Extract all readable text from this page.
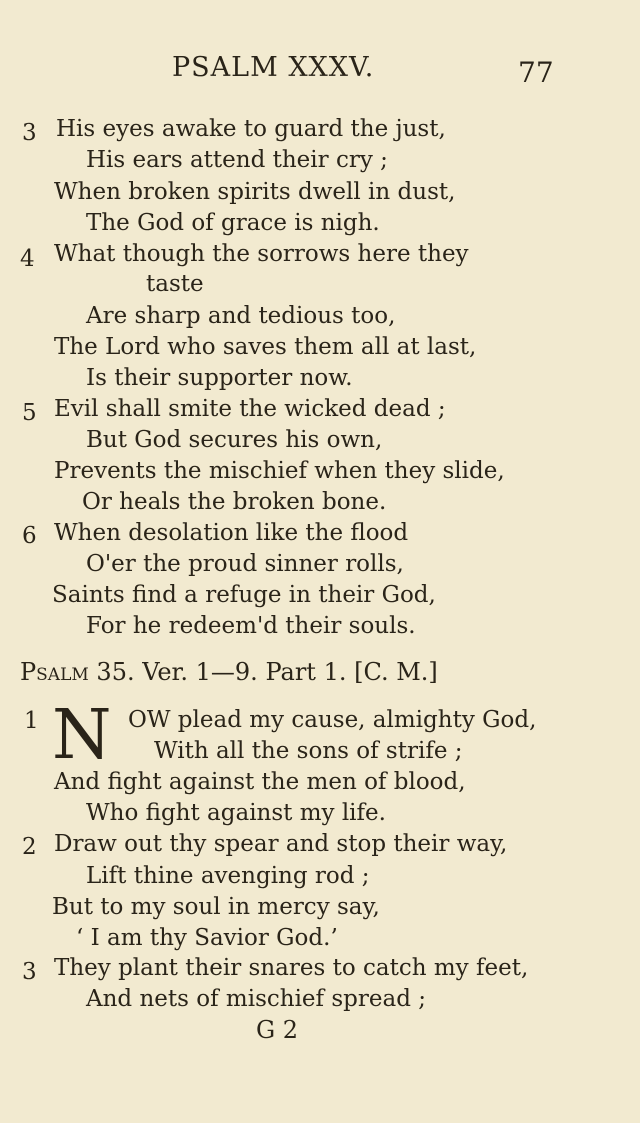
PSALM XXXV.	77
3 His eyes awake to guard the just,
His ears attend their cry ;
When broken spirits dwell in dust,
The God of grace is nigh.
4 What though the sorrows here they
taste
Are sharp and tedious too,
The Lord who saves them all at last,
Is their supporter now.
5 Evil shall smite the wicked dead ;
But God secures his own,
Prevents the mischief when they slide,
Or heals the broken bone.
6 When desolation like the flood
O'er the proud sinner rolls,
Saints find a refuge in their God,
For he redeem'd their souls.
Psalm 35. Ver. 1—9. Part 1. [C. M.]
1 N OW plead my cause, almighty God,
With all the sons of strife ;
And fight against the men of blood,
Who fight against my life.
2 Draw out thy spear and stop their way,
Lift thine avenging rod ;
But to my soul in mercy say,
‘ I am thy Savior God.’
3 They plant their snares to catch my feet,
And nets of mischief spread ;
G 2
